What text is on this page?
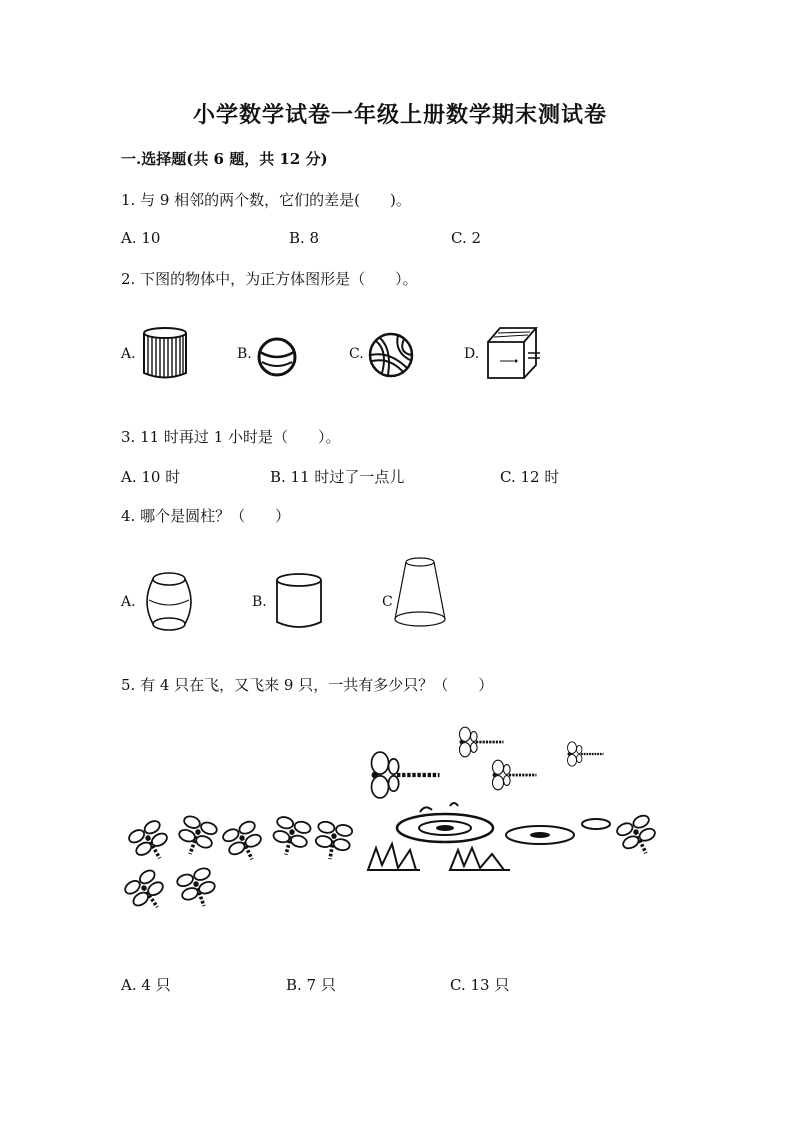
小学数学试卷一年级上册数学期末测试卷
一.选择题(共 6 题，共 12 分)
1. 与 9 相邻的两个数，它们的差是(　　)。
A. 10	B. 8	C. 2
2. 下图的物体中，为正方体图形是（　　）。
A.	B.	C.	D.
3. 11 时再过 1 小时是（　　）。
A. 10 时	B. 11 时过了一点儿	C. 12 时
4. 哪个是圆柱？（　　）
A.	B.	C
5. 有 4 只在飞，又飞来 9 只，一共有多少只？（　　）
A. 4 只	B. 7 只	C. 13 只
